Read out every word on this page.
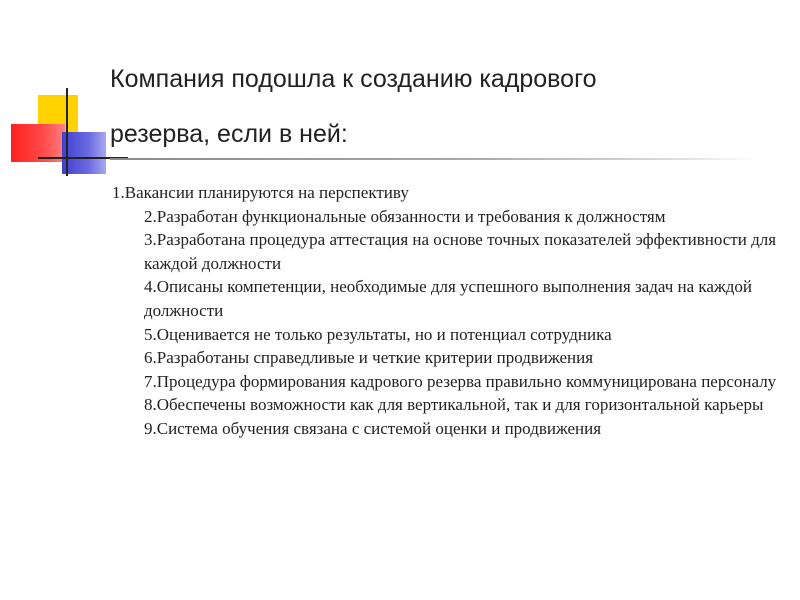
Компания подошла к созданию кадрового
резерва, если в ней:

1.Вакансии планируются на перспективу

2.Разработан функциональные обязанности и требования к должностям

3.Разработана процедура аттестация на основе точных показателей эффективности для каждой должности

4.Описаны компетенции, необходимые для успешного выполнения задач на каждой должности

5.Оценивается не только результаты, но и потенциал сотрудника

6.Разработаны справедливые и четкие критерии продвижения

7.Процедура формирования кадрового резерва правильно коммуницирована персоналу

8.Обеспечены возможности как для вертикальной, так и для горизонтальной карьеры

9.Система обучения связана с системой оценки и продвижения
